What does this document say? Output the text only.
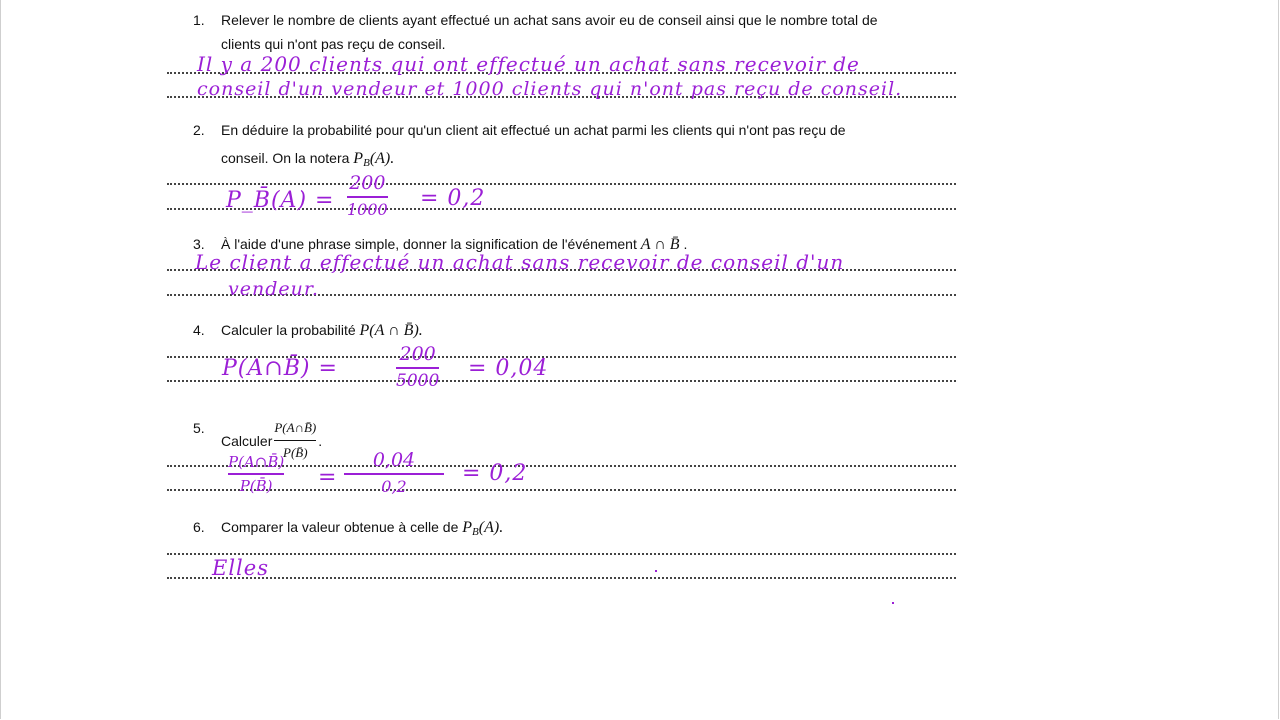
1. Relever le nombre de clients ayant effectué un achat sans avoir eu de conseil ainsi que le nombre total de
clients qui n'ont pas reçu de conseil.
Il y a 200 clients qui ont effectué un achat sans recevoir de
conseil d'un vendeur et 1000 clients qui n'ont pas reçu de conseil.
2. En déduire la probabilité pour qu'un client ait effectué un achat parmi les clients qui n'ont pas reçu de
conseil. On la notera $P_B(A)$.
P_B̄(A) =
200
1000 = 0,2
3. À l'aide d'une phrase simple, donner la signification de l'événement A ∩ B̄ .
Le client a effectué un achat sans recevoir de conseil d'un
vendeur.
4. Calculer la probabilité P(A ∩ B̄).
P(A∩B̄) =
200
5000 = 0,04
5.
Calculer $\frac{P(A\cap B̄)}{P(B̄)}$ .
P(A∩B̄)
P(B̄) =
0,04
0,2
= 0,2
6. Comparer la valeur obtenue à celle de $P_B(A)$.
Elles
